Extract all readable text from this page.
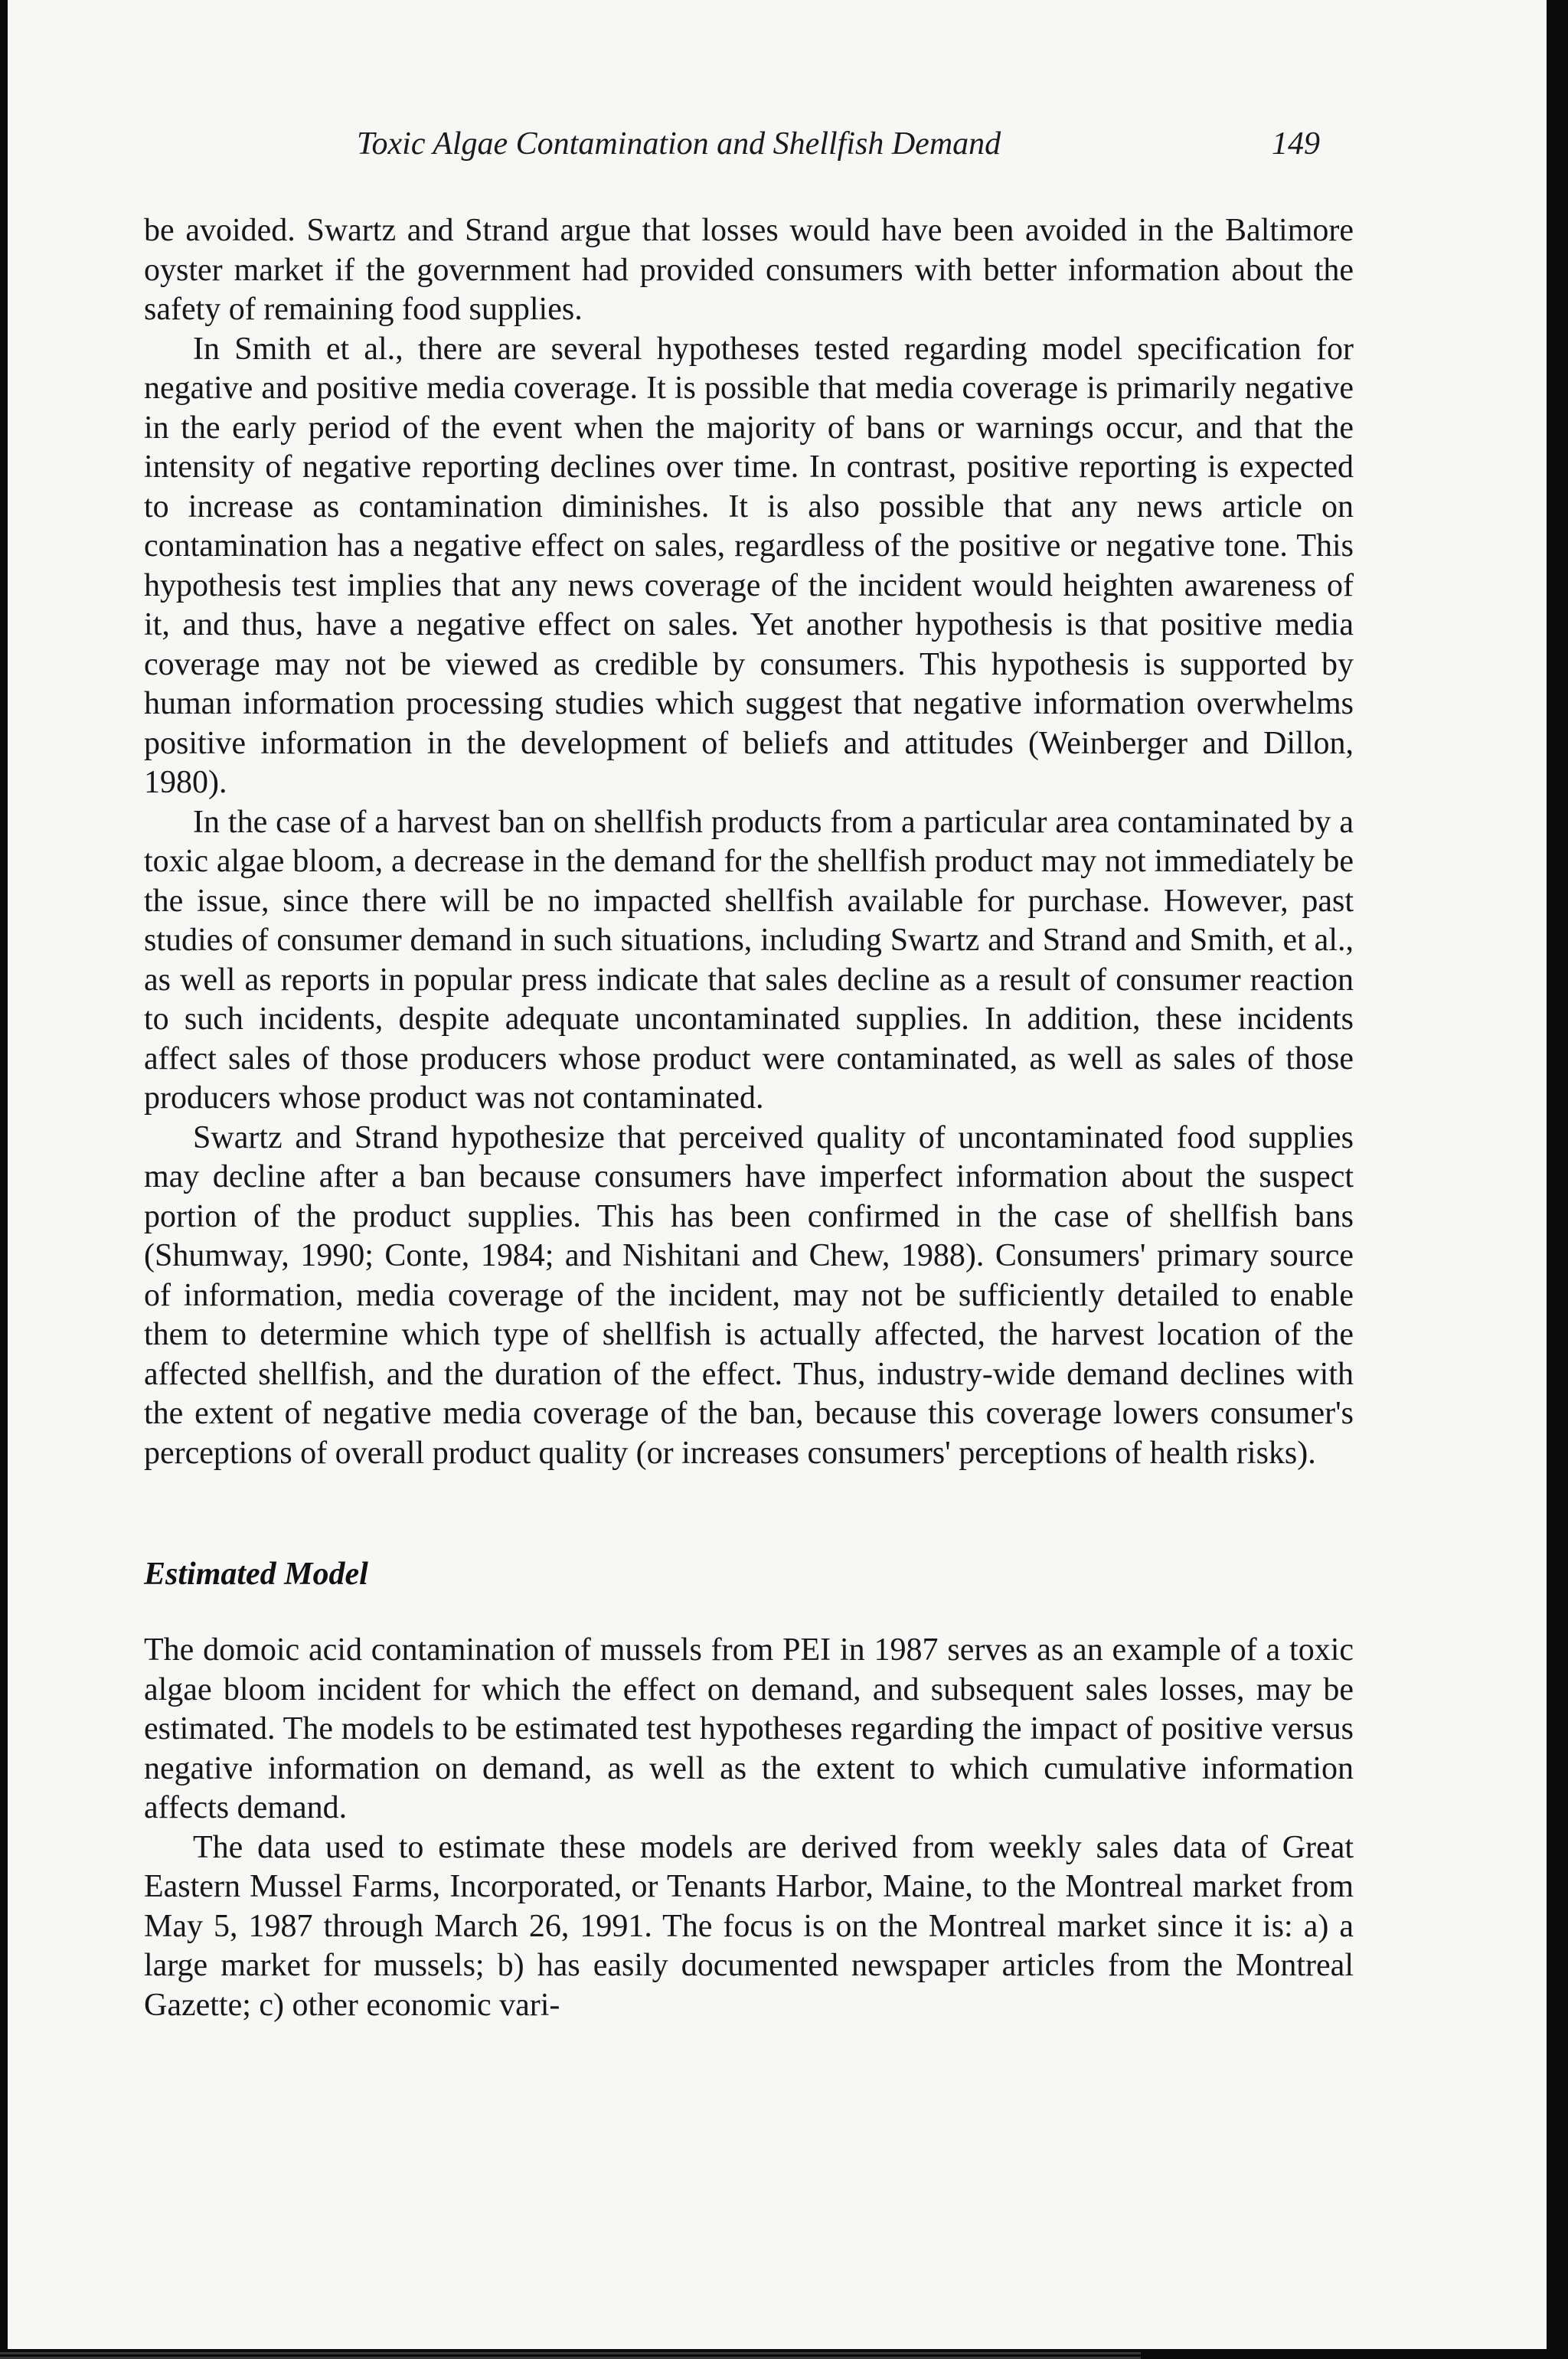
Toxic Algae Contamination and Shellfish Demand	149

be avoided. Swartz and Strand argue that losses would have been avoided in the Baltimore oyster market if the government had provided consumers with better information about the safety of remaining food supplies.

In Smith et al., there are several hypotheses tested regarding model specification for negative and positive media coverage. It is possible that media coverage is primarily negative in the early period of the event when the majority of bans or warnings occur, and that the intensity of negative reporting declines over time. In contrast, positive reporting is expected to increase as contamination diminishes. It is also possible that any news article on contamination has a negative effect on sales, regardless of the positive or negative tone. This hypothesis test implies that any news coverage of the incident would heighten awareness of it, and thus, have a negative effect on sales. Yet another hypothesis is that positive media coverage may not be viewed as credible by consumers. This hypothesis is supported by human information processing studies which suggest that negative information overwhelms positive information in the development of beliefs and attitudes (Weinberger and Dillon, 1980).

In the case of a harvest ban on shellfish products from a particular area contaminated by a toxic algae bloom, a decrease in the demand for the shellfish product may not immediately be the issue, since there will be no impacted shellfish available for purchase. However, past studies of consumer demand in such situations, including Swartz and Strand and Smith, et al., as well as reports in popular press indicate that sales decline as a result of consumer reaction to such incidents, despite adequate uncontaminated supplies. In addition, these incidents affect sales of those producers whose product were contaminated, as well as sales of those producers whose product was not contaminated.

Swartz and Strand hypothesize that perceived quality of uncontaminated food supplies may decline after a ban because consumers have imperfect information about the suspect portion of the product supplies. This has been confirmed in the case of shellfish bans (Shumway, 1990; Conte, 1984; and Nishitani and Chew, 1988). Consumers' primary source of information, media coverage of the incident, may not be sufficiently detailed to enable them to determine which type of shellfish is actually affected, the harvest location of the affected shellfish, and the duration of the effect. Thus, industry-wide demand declines with the extent of negative media coverage of the ban, because this coverage lowers consumer's perceptions of overall product quality (or increases consumers' perceptions of health risks).

Estimated Model

The domoic acid contamination of mussels from PEI in 1987 serves as an example of a toxic algae bloom incident for which the effect on demand, and subsequent sales losses, may be estimated. The models to be estimated test hypotheses regarding the impact of positive versus negative information on demand, as well as the extent to which cumulative information affects demand.

The data used to estimate these models are derived from weekly sales data of Great Eastern Mussel Farms, Incorporated, or Tenants Harbor, Maine, to the Montreal market from May 5, 1987 through March 26, 1991. The focus is on the Montreal market since it is: a) a large market for mussels; b) has easily documented newspaper articles from the Montreal Gazette; c) other economic vari-
